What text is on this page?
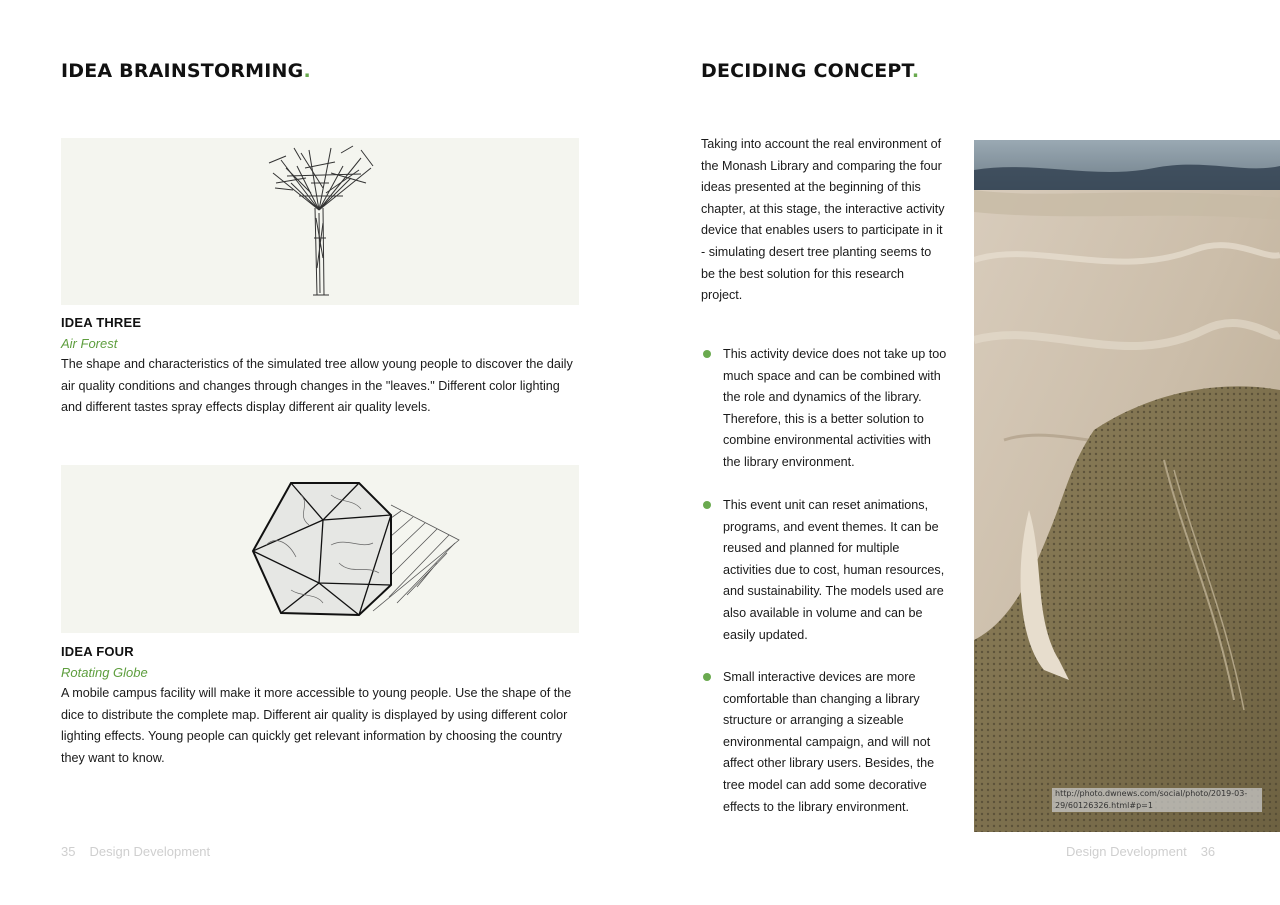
IDEA BRAINSTORMING.
IDEA THREE
Air Forest
The shape and characteristics of the simulated tree allow young people to discover the daily air quality conditions and changes through changes in the "leaves." Different color lighting and different tastes spray effects display different air quality levels.
IDEA FOUR
Rotating Globe
A mobile campus facility will make it more accessible to young people. Use the shape of the dice to distribute the complete map. Different air quality is displayed by using different color lighting effects. Young people can quickly get relevant information by choosing the country they want to know.
35 Design Development
DECIDING CONCEPT.
Taking into account the real environment of the Monash Library and comparing the four ideas presented at the beginning of this chapter, at this stage, the interactive activity device that enables users to participate in it - simulating desert tree planting seems to be the best solution for this research project.
This activity device does not take up too much space and can be combined with the role and dynamics of the library. Therefore, this is a better solution to combine environmental activities with the library environment.
This event unit can reset animations, programs, and event themes. It can be reused and planned for multiple activities due to cost, human resources, and sustainability. The models used are also available in volume and can be easily updated.
Small interactive devices are more comfortable than changing a library structure or arranging a sizeable environmental campaign, and will not affect other library users. Besides, the tree model can add some decorative effects to the library environment.
http://photo.dwnews.com/social/photo/2019-03-29/60126326.html#p=1
Design Development 36
